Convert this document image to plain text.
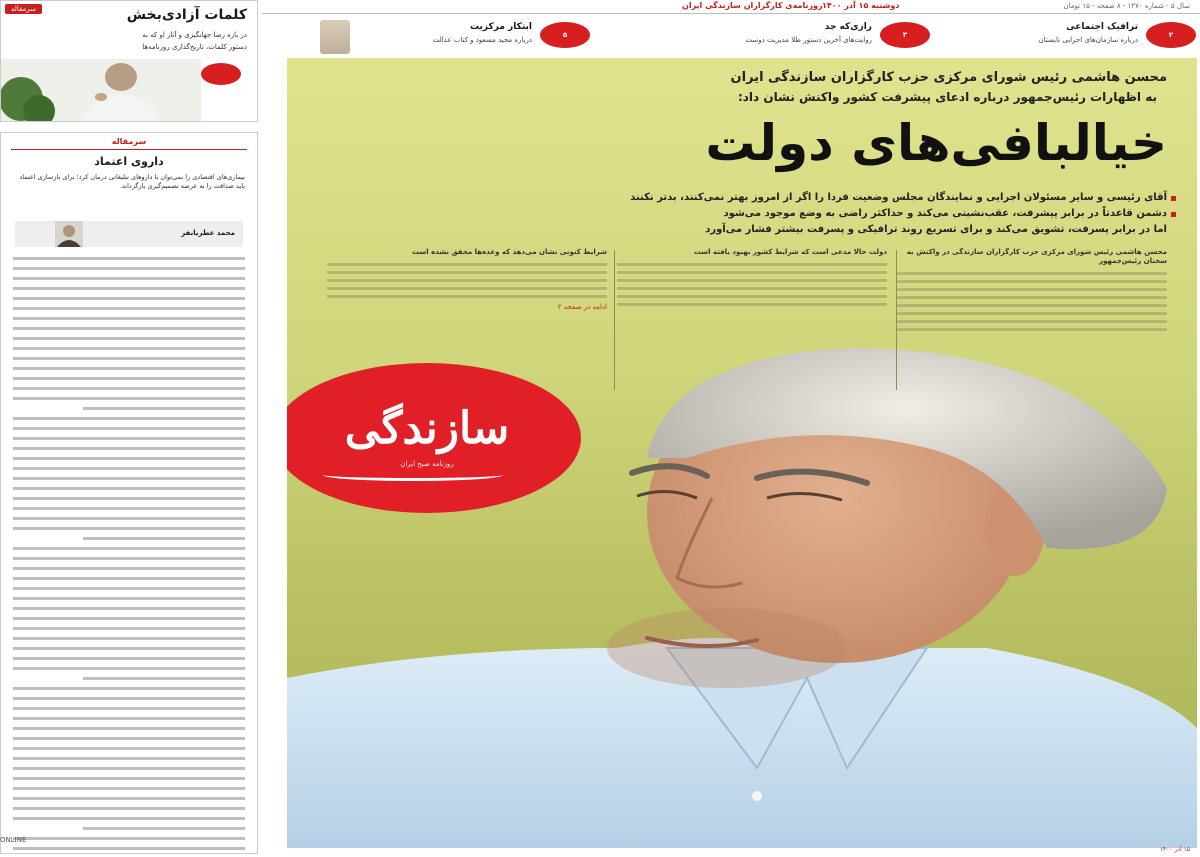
سال ۵ - شماره ۱۲۷۰ - ۸ صفحه - ۱۵ تومان
روزنامه‌ی کارگزاران سازندگی ایران دوشنبه ۱۵ آذر ۱۴۰۰
۲
ترافیک اجتماعی
درباره سازمان‌های اجرایی تابستان
۳
رازی‌که جد
روایت‌های آخرین دستور طلا مدیریت دوست
۵
ابتکار مرکزیت
درباره مجید مسعود و کتاب عدالت
سرمقاله	کلمات آزادی‌بخش
در باره رضا جهانگیری و آثار او که به
دستور کلمات، تاریخ‌گذاری روزنامه‌ها
سرمقاله
داروی اعتماد
بیماری‌های اقتصادی را نمی‌توان با داروهای تبلیغاتی درمان کرد؛ برای بازسازی اعتماد باید صداقت را به عرصه تصمیم‌گیری بازگرداند.
محمد عطریانفر
محسن هاشمی رئیس شورای مرکزی حزب کارگزاران سازندگی ایران
به اظهارات رئیس‌جمهور درباره ادعای پیشرفت کشور واکنش نشان داد:
خیالبافی‌های دولت
آقای رئیسی و سایر مسئولان اجرایی و نمایندگان مجلس وضعیت فردا را اگر از امروز بهتر نمی‌کنند، بدتر نکنند
دشمن قاعدتاً در برابر پیشرفت، عقب‌نشینی می‌کند و حداکثر راضی به وضع موجود می‌شود
اما در برابر پسرفت، تشویق می‌کند و برای تسریع روند ترافیکی و پسرفت بیشتر فشار می‌آورد
محسن هاشمی رئیس شورای مرکزی حزب کارگزاران سازندگی در واکنش به سخنان رئیس‌جمهور
دولت حالا مدعی است که شرایط کشور بهبود یافته است
شرایط کنونی نشان می‌دهد که وعده‌ها محقق نشده است
ادامه در صفحه ۲
سازندگی
روزنامه صبح ایران
ONLINE
۱۵ آذر ۱۴۰۰
